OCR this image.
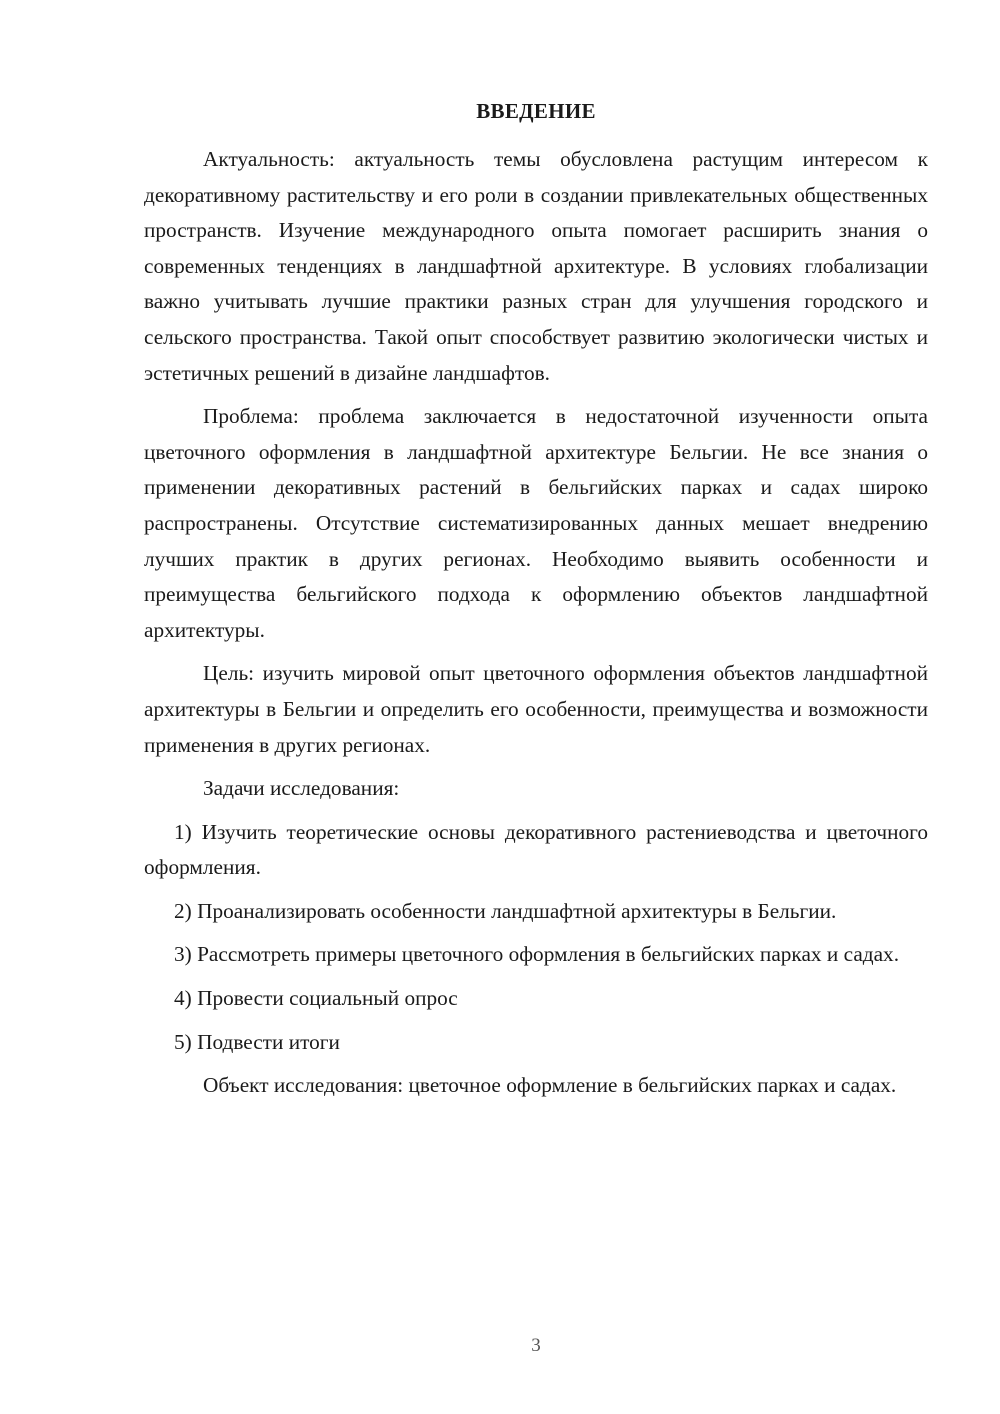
ВВЕДЕНИЕ

Актуальность: актуальность темы обусловлена растущим интересом к декоративному растительству и его роли в создании привлекательных общественных пространств. Изучение международного опыта помогает расширить знания о современных тенденциях в ландшафтной архитектуре. В условиях глобализации важно учитывать лучшие практики разных стран для улучшения городского и сельского пространства. Такой опыт способствует развитию экологически чистых и эстетичных решений в дизайне ландшафтов.

Проблема: проблема заключается в недостаточной изученности опыта цветочного оформления в ландшафтной архитектуре Бельгии. Не все знания о применении декоративных растений в бельгийских парках и садах широко распространены. Отсутствие систематизированных данных мешает внедрению лучших практик в других регионах. Необходимо выявить особенности и преимущества бельгийского подхода к оформлению объектов ландшафтной архитектуры.

Цель: изучить мировой опыт цветочного оформления объектов ландшафтной архитектуры в Бельгии и определить его особенности, преимущества и возможности применения в других регионах.

Задачи исследования:

1) Изучить теоретические основы декоративного растениеводства и цветочного оформления.

2) Проанализировать особенности ландшафтной архитектуры в Бельгии.

3) Рассмотреть примеры цветочного оформления в бельгийских парках и садах.

4) Провести социальный опрос

5) Подвести итоги

Объект исследования: цветочное оформление в бельгийских парках и садах.

3
